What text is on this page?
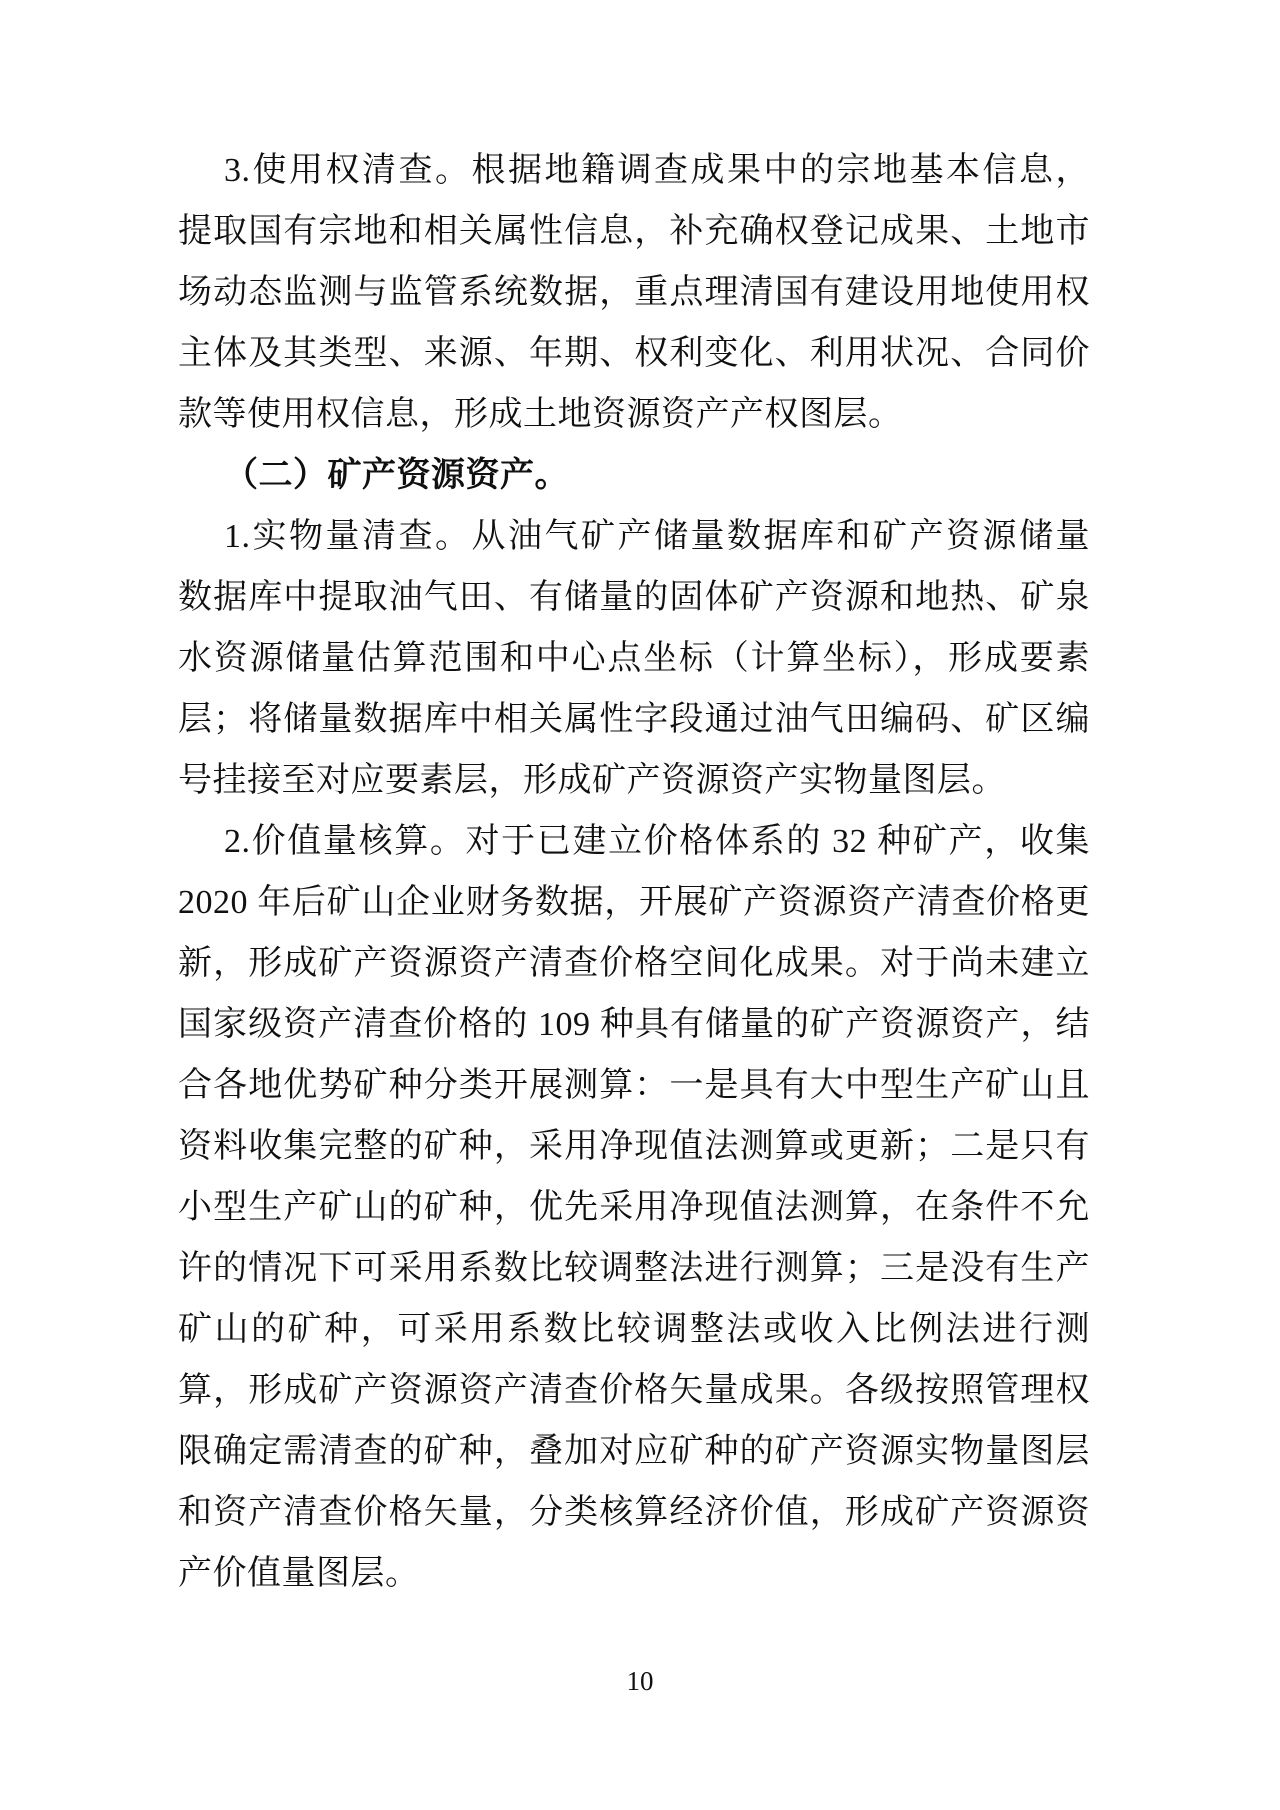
3.使用权清查。根据地籍调查成果中的宗地基本信息，
提取国有宗地和相关属性信息，补充确权登记成果、土地市
场动态监测与监管系统数据，重点理清国有建设用地使用权
主体及其类型、来源、年期、权利变化、利用状况、合同价
款等使用权信息，形成土地资源资产产权图层。
（二）矿产资源资产。
1.实物量清查。从油气矿产储量数据库和矿产资源储量
数据库中提取油气田、有储量的固体矿产资源和地热、矿泉
水资源储量估算范围和中心点坐标（计算坐标），形成要素
层；将储量数据库中相关属性字段通过油气田编码、矿区编
号挂接至对应要素层，形成矿产资源资产实物量图层。
2.价值量核算。对于已建立价格体系的 32 种矿产，收集
2020 年后矿山企业财务数据，开展矿产资源资产清查价格更
新，形成矿产资源资产清查价格空间化成果。对于尚未建立
国家级资产清查价格的 109 种具有储量的矿产资源资产，结
合各地优势矿种分类开展测算：一是具有大中型生产矿山且
资料收集完整的矿种，采用净现值法测算或更新；二是只有
小型生产矿山的矿种，优先采用净现值法测算，在条件不允
许的情况下可采用系数比较调整法进行测算；三是没有生产
矿山的矿种，可采用系数比较调整法或收入比例法进行测
算，形成矿产资源资产清查价格矢量成果。各级按照管理权
限确定需清查的矿种，叠加对应矿种的矿产资源实物量图层
和资产清查价格矢量，分类核算经济价值，形成矿产资源资
产价值量图层。
10
